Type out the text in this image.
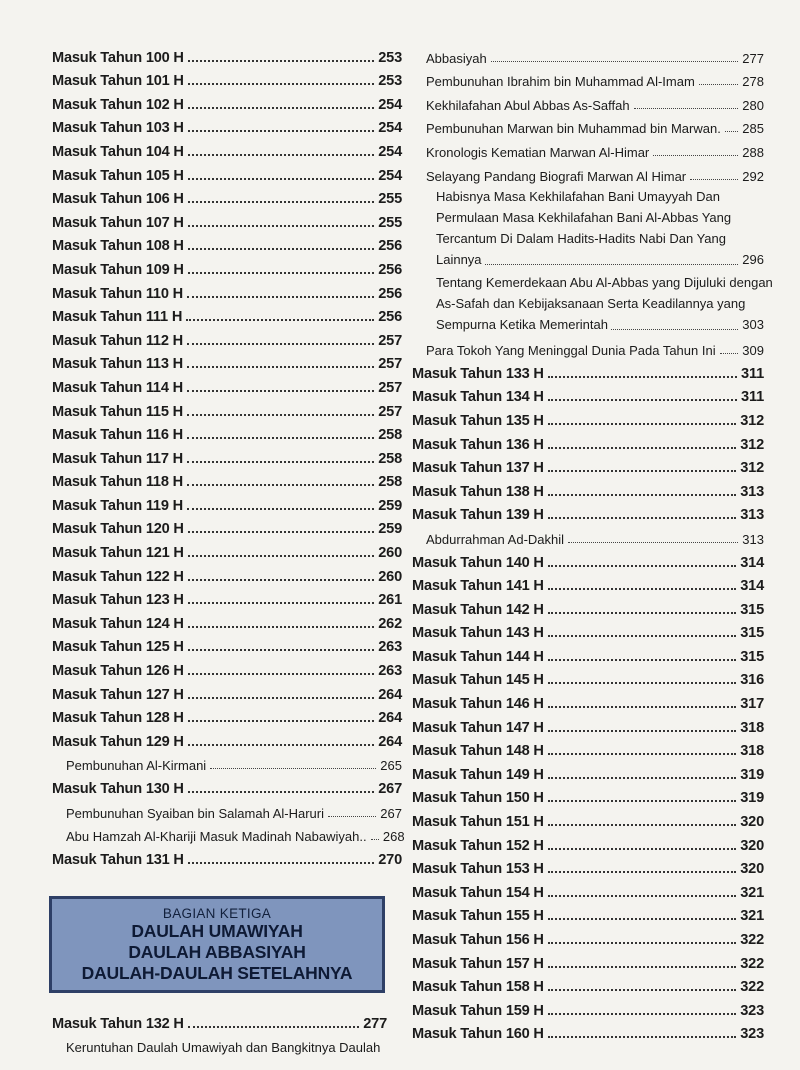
Masuk Tahun 100 H	253
Masuk Tahun 101 H	253
Masuk Tahun 102 H	254
Masuk Tahun 103 H	254
Masuk Tahun 104 H	254
Masuk Tahun 105 H	254
Masuk Tahun 106 H	255
Masuk Tahun 107 H	255
Masuk Tahun 108 H	256
Masuk Tahun 109 H	256
Masuk Tahun 110 H	256
Masuk Tahun 111 H	256
Masuk Tahun 112 H	257
Masuk Tahun 113 H	257
Masuk Tahun 114 H	257
Masuk Tahun 115 H	257
Masuk Tahun 116 H	258
Masuk Tahun 117 H	258
Masuk Tahun 118 H	258
Masuk Tahun 119 H	259
Masuk Tahun 120 H	259
Masuk Tahun 121 H	260
Masuk Tahun 122 H	260
Masuk Tahun 123 H	261
Masuk Tahun 124 H	262
Masuk Tahun 125 H	263
Masuk Tahun 126 H	263
Masuk Tahun 127 H	264
Masuk Tahun 128 H	264
Masuk Tahun 129 H	264
Pembunuhan Al-Kirmani	265
Masuk Tahun 130 H	267
Pembunuhan Syaiban bin Salamah Al-Haruri	267
Abu Hamzah Al-Khariji Masuk Madinah Nabawiyah.. 268
Masuk Tahun 131 H	270
BAGIAN KETIGA
DAULAH UMAWIYAH
DAULAH ABBASIYAH
DAULAH-DAULAH SETELAHNYA
Masuk Tahun 132 H	277
Keruntuhan Daulah Umawiyah dan Bangkitnya Daulah
Abbasiyah	277
Pembunuhan Ibrahim bin Muhammad Al-Imam	278
Kekhilafahan Abul Abbas As-Saffah	280
Pembunuhan Marwan bin Muhammad bin Marwan. 285
Kronologis Kematian Marwan Al-Himar	288
Selayang Pandang Biografi Marwan Al Himar	292
Habisnya Masa Kekhilafahan Bani Umayyah Dan
Permulaan Masa Kekhilafahan Bani Al-Abbas Yang
Tercantum Di Dalam Hadits-Hadits Nabi Dan Yang
Lainnya	296
Tentang Kemerdekaan Abu Al-Abbas yang Dijuluki dengan
As-Safah dan Kebijaksanaan Serta Keadilannya yang
Sempurna Ketika Memerintah	303
Para Tokoh Yang Meninggal Dunia Pada Tahun Ini 309
Masuk Tahun 133 H	311
Masuk Tahun 134 H	311
Masuk Tahun 135 H	312
Masuk Tahun 136 H	312
Masuk Tahun 137 H	312
Masuk Tahun 138 H	313
Masuk Tahun 139 H	313
Abdurrahman Ad-Dakhil	313
Masuk Tahun 140 H	314
Masuk Tahun 141 H	314
Masuk Tahun 142 H	315
Masuk Tahun 143 H	315
Masuk Tahun 144 H	315
Masuk Tahun 145 H	316
Masuk Tahun 146 H	317
Masuk Tahun 147 H	318
Masuk Tahun 148 H	318
Masuk Tahun 149 H	319
Masuk Tahun 150 H	319
Masuk Tahun 151 H	320
Masuk Tahun 152 H	320
Masuk Tahun 153 H	320
Masuk Tahun 154 H	321
Masuk Tahun 155 H	321
Masuk Tahun 156 H	322
Masuk Tahun 157 H	322
Masuk Tahun 158 H	322
Masuk Tahun 159 H	323
Masuk Tahun 160 H	323
